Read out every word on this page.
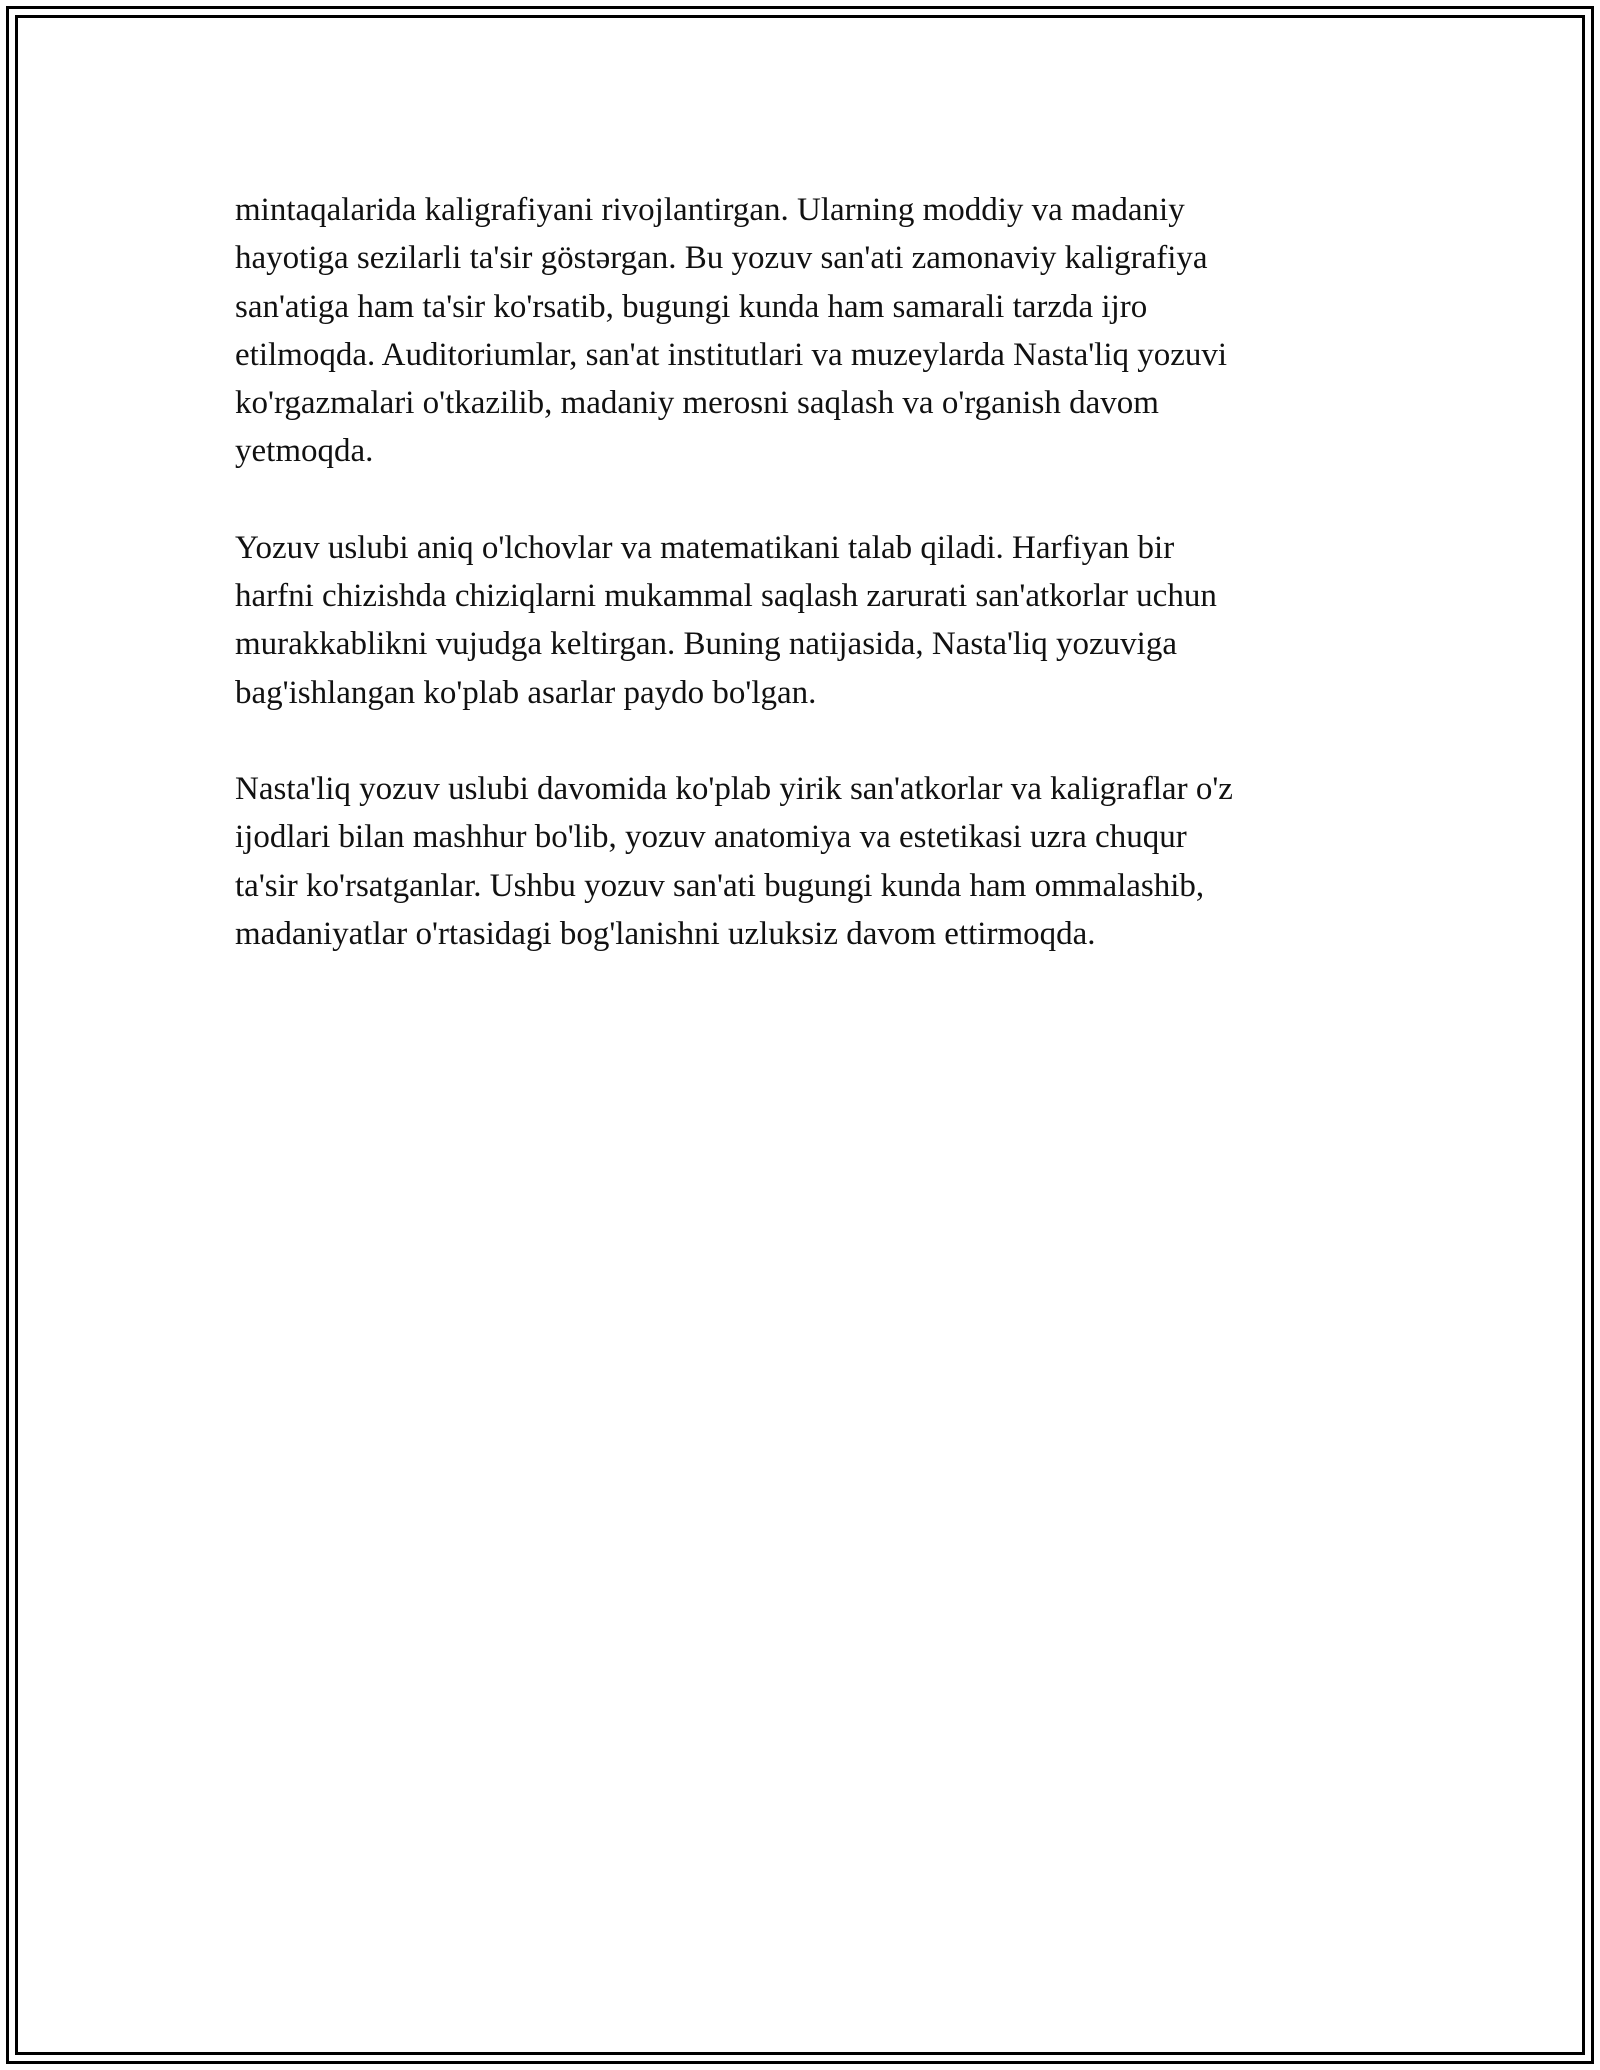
mintaqalarida kaligrafiyani rivojlantirgan. Ularning moddiy va madaniy
hayotiga sezilarli ta'sir göstərgan. Bu yozuv san'ati zamonaviy kaligrafiya
san'atiga ham ta'sir ko'rsatib, bugungi kunda ham samarali tarzda ijro
etilmoqda. Auditoriumlar, san'at institutlari va muzeylarda Nasta'liq yozuvi
ko'rgazmalari o'tkazilib, madaniy merosni saqlash va o'rganish davom
yetmoqda.

Yozuv uslubi aniq o'lchovlar va matematikani talab qiladi. Harfiyan bir
harfni chizishda chiziqlarni mukammal saqlash zarurati san'atkorlar uchun
murakkablikni vujudga keltirgan. Buning natijasida, Nasta'liq yozuviga
bag'ishlangan ko'plab asarlar paydo bo'lgan.

Nasta'liq yozuv uslubi davomida ko'plab yirik san'atkorlar va kaligraflar o'z
ijodlari bilan mashhur bo'lib, yozuv anatomiya va estetikasi uzra chuqur
ta'sir ko'rsatganlar. Ushbu yozuv san'ati bugungi kunda ham ommalashib,
madaniyatlar o'rtasidagi bog'lanishni uzluksiz davom ettirmoqda.
